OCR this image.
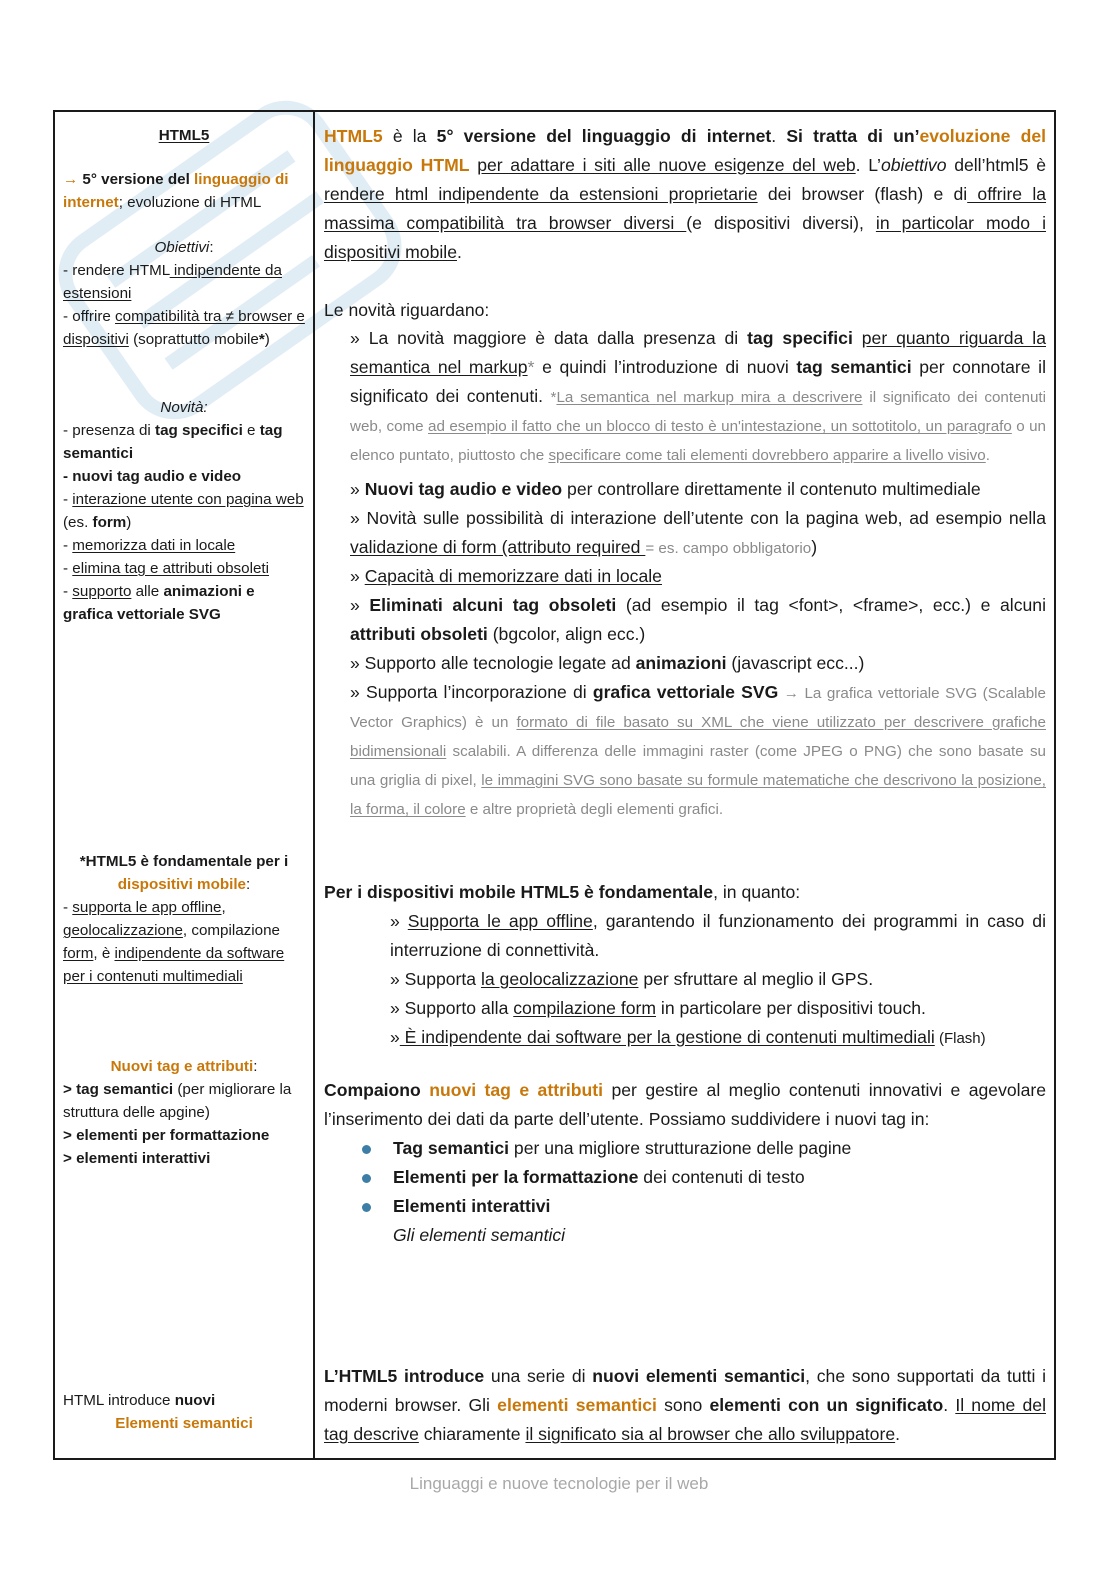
HTML5
→ 5° versione del linguaggio di internet; evoluzione di HTML
Obiettivi:

- rendere HTML indipendente da estensioni

- offrire compatibilità tra ≠ browser e dispositivi (soprattutto mobile*)

Novità:

- presenza di tag specifici e tag semantici

- nuovi tag audio e video

- interazione utente con pagina web (es. form)

- memorizza dati in locale

- elimina tag e attributi obsoleti

- supporto alle animazioni e grafica vettoriale SVG

*HTML5 è fondamentale per i
dispositivi mobile:
- supporta le app offline, geolocalizzazione, compilazione form, è indipendente da software per i contenuti multimediali
Nuovi tag e attributi:

> tag semantici (per migliorare la struttura delle apgine)

> elementi per formattazione

> elementi interattivi

HTML introduce nuovi
Elementi semantici
HTML5 è la 5° versione del linguaggio di internet. Si tratta di un’evoluzione del linguaggio HTML per adattare i siti alle nuove esigenze del web. L’obiettivo dell’html5 è rendere html indipendente da estensioni proprietarie dei browser (flash) e di offrire la massima compatibilità tra browser diversi (e dispositivi diversi), in particolar modo i dispositivi mobile.
Le novità riguardano:

» La novità maggiore è data dalla presenza di tag specifici per quanto riguarda la semantica nel markup* e quindi l’introduzione di nuovi tag semantici per connotare il significato dei contenuti. *La semantica nel markup mira a descrivere il significato dei contenuti web, come ad esempio il fatto che un blocco di testo è un'intestazione, un sottotitolo, un paragrafo o un elenco puntato, piuttosto che specificare come tali elementi dovrebbero apparire a livello visivo.

» Nuovi tag audio e video per controllare direttamente il contenuto multimediale

» Novità sulle possibilità di interazione dell’utente con la pagina web, ad esempio nella validazione di form (attributo required = es. campo obbligatorio)

» Capacità di memorizzare dati in locale

» Eliminati alcuni tag obsoleti (ad esempio il tag <font>, <frame>, ecc.) e alcuni attributi obsoleti (bgcolor, align ecc.)

» Supporto alle tecnologie legate ad animazioni (javascript ecc...)

» Supporta l’incorporazione di grafica vettoriale SVG → La grafica vettoriale SVG (Scalable Vector Graphics) è un formato di file basato su XML che viene utilizzato per descrivere grafiche bidimensionali scalabili. A differenza delle immagini raster (come JPEG o PNG) che sono basate su una griglia di pixel, le immagini SVG sono basate su formule matematiche che descrivono la posizione, la forma, il colore e altre proprietà degli elementi grafici.

Per i dispositivi mobile HTML5 è fondamentale, in quanto:

» Supporta le app offline, garantendo il funzionamento dei programmi in caso di interruzione di connettività.

» Supporta la geolocalizzazione per sfruttare al meglio il GPS.

» Supporto alla compilazione form in particolare per dispositivi touch.

» È indipendente dai software per la gestione di contenuti multimediali (Flash)

Compaiono nuovi tag e attributi per gestire al meglio contenuti innovativi e agevolare l’inserimento dei dati da parte dell’utente. Possiamo suddividere i nuovi tag in:

Tag semantici per una migliore strutturazione delle pagine

Elementi per la formattazione dei contenuti di testo

Elementi interattivi

Gli elementi semantici

L’HTML5 introduce una serie di nuovi elementi semantici, che sono supportati da tutti i moderni browser. Gli elementi semantici sono elementi con un significato. Il nome del tag descrive chiaramente il significato sia al browser che allo sviluppatore.
Linguaggi e nuove tecnologie per il web
